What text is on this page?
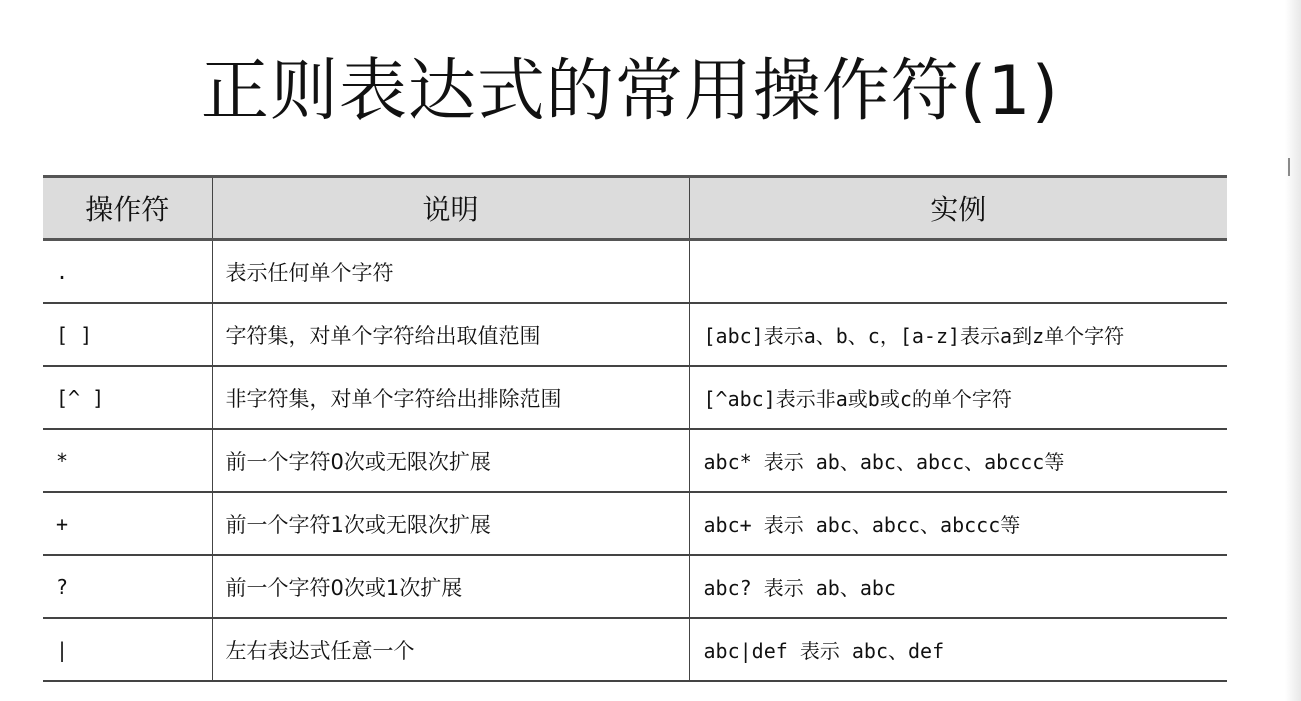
正则表达式的常用操作符(1)
操作符	说明	实例
.	表示任何单个字符	
[ ]	字符集，对单个字符给出取值范围	[abc]表示a、b、c，[a-z]表示a到z单个字符
[^ ]	非字符集，对单个字符给出排除范围	[^abc]表示非a或b或c的单个字符
*	前一个字符0次或无限次扩展	abc* 表示 ab、abc、abcc、abccc等
+	前一个字符1次或无限次扩展	abc+ 表示 abc、abcc、abccc等
?	前一个字符0次或1次扩展	abc? 表示 ab、abc
|	左右表达式任意一个	abc|def 表示 abc、def
